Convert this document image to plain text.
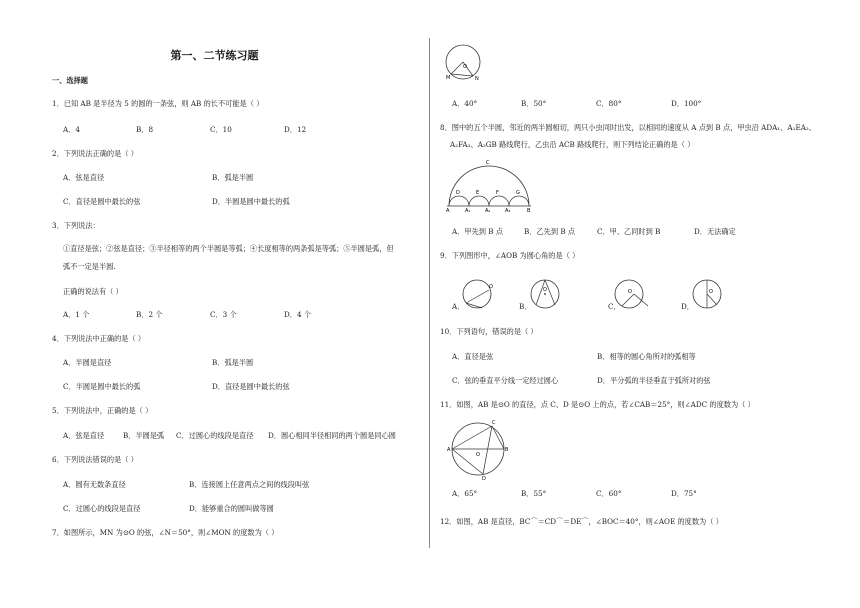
第一、二节练习题
一、选择题
1．已知 AB 是半径为 5 的圆的一条弦，则 AB 的长不可能是（ ）
A．4	B．8	C．10	D．12
2．下列说法正确的是（ ）
A．弦是直径	B．弧是半圆
C．直径是圆中最长的弦	D．半圆是圆中最长的弧
3．下列说法：
①直径是弦；②弦是直径；③半径相等的两个半圆是等弧；④长度相等的两条弧是等弧；⑤半圆是弧，但
弧不一定是半圆.
正确的说法有（ ）
A．1 个	B．2 个	C．3 个	D．4 个
4．下列说法中正确的是（ ）
A．半圆是直径	B．弧是半圆
C．半圆是圆中最长的弧	D．直径是圆中最长的弦
5．下列说法中，正确的是（ ）
A．弦是直径	B．半圆是弧 C．过圆心的线段是直径 D．圆心相同半径相同的两个圆是同心圆
6．下列说法错误的是（ ）
A．圆有无数条直径	B．连接圆上任意两点之间的线段叫弦
C．过圆心的线段是直径	D．能够重合的圆叫做等圆
7．如图所示，MN 为⊙O 的弦，∠N＝50°，则∠MON 的度数为（ ）
O
M	N
A．40°	B．50°	C．80°	D．100°
8．图中的五个半圆，邻近的两半圆相切，两只小虫同时出发，以相同的速度从 A 点到 B 点，甲虫沿 ADA₁、A₁EA₂、
A₂FA₃、A₃GB 路线爬行，乙虫沿 ACB 路线爬行，则下列结论正确的是（ ）
C
D	E	F	G
A	A₁	A₂	A₃	B
A．甲先到 B 点	B．乙先到 B 点	C．甲、乙同时到 B	D．无法确定
9．下列图形中，∠AOB 为圆心角的是（ ）
A．
O
B．
O
C．
O
D．
O
10．下列语句，错误的是（ ）
A．直径是弦	B．相等的圆心角所对的弧相等
C．弦的垂直平分线一定经过圆心	D．平分弧的半径垂直于弧所对的弦
11．如图，AB 是⊙O 的直径，点 C、D 是⊙O 上的点，若∠CAB＝25°，则∠ADC 的度数为（ ）
A	B
C
D
O
A．65°	B．55°	C．60°	D．75°
12．如图，AB 是直径，BC⌒＝CD⌒＝DE⌒，∠BOC＝40°，则∠AOE 的度数为（ ）
